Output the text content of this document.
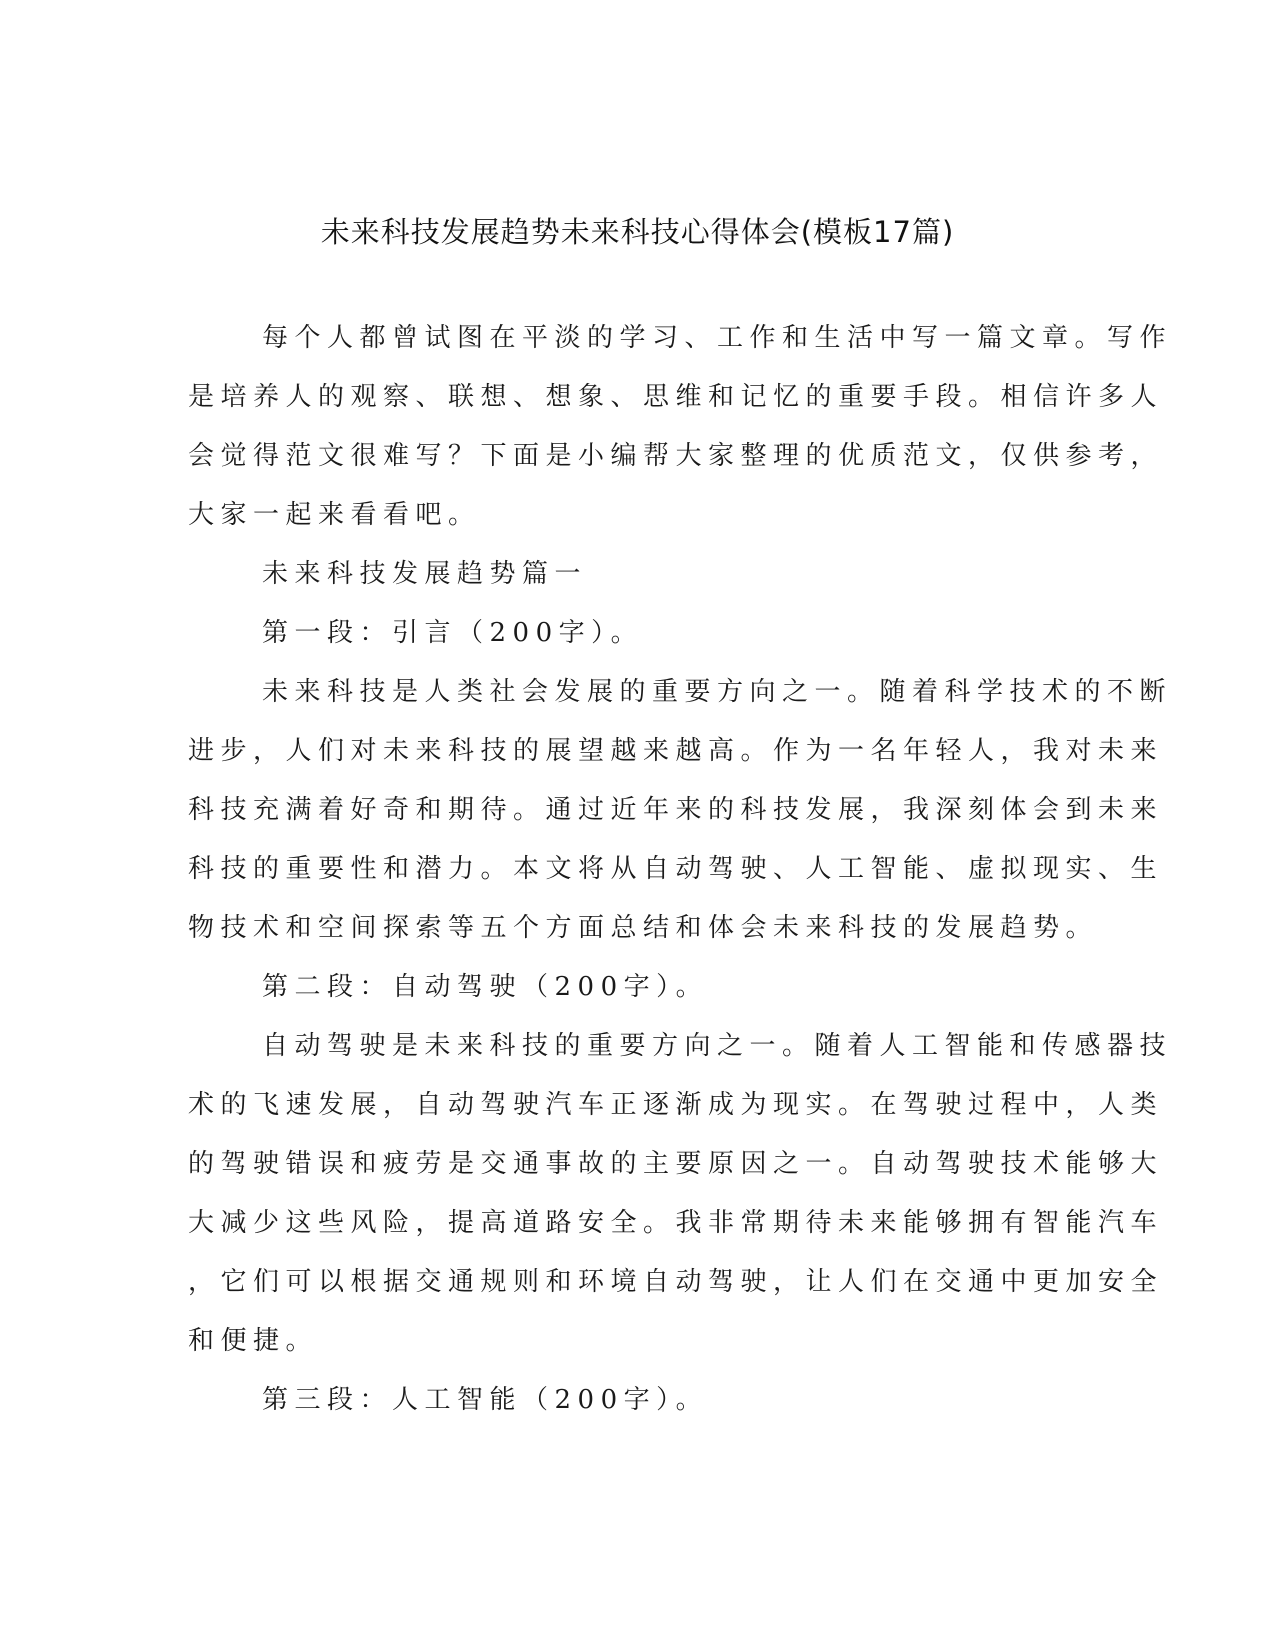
未来科技发展趋势未来科技心得体会(模板17篇)
每个人都曾试图在平淡的学习、工作和生活中写一篇文章。写作
是培养人的观察、联想、想象、思维和记忆的重要手段。相信许多人
会觉得范文很难写？下面是小编帮大家整理的优质范文，仅供参考，
大家一起来看看吧。
未来科技发展趋势篇一
第一段：引言（200字）。
未来科技是人类社会发展的重要方向之一。随着科学技术的不断
进步，人们对未来科技的展望越来越高。作为一名年轻人，我对未来
科技充满着好奇和期待。通过近年来的科技发展，我深刻体会到未来
科技的重要性和潜力。本文将从自动驾驶、人工智能、虚拟现实、生
物技术和空间探索等五个方面总结和体会未来科技的发展趋势。
第二段：自动驾驶（200字）。
自动驾驶是未来科技的重要方向之一。随着人工智能和传感器技
术的飞速发展，自动驾驶汽车正逐渐成为现实。在驾驶过程中，人类
的驾驶错误和疲劳是交通事故的主要原因之一。自动驾驶技术能够大
大减少这些风险，提高道路安全。我非常期待未来能够拥有智能汽车
，它们可以根据交通规则和环境自动驾驶，让人们在交通中更加安全
和便捷。
第三段：人工智能（200字）。
